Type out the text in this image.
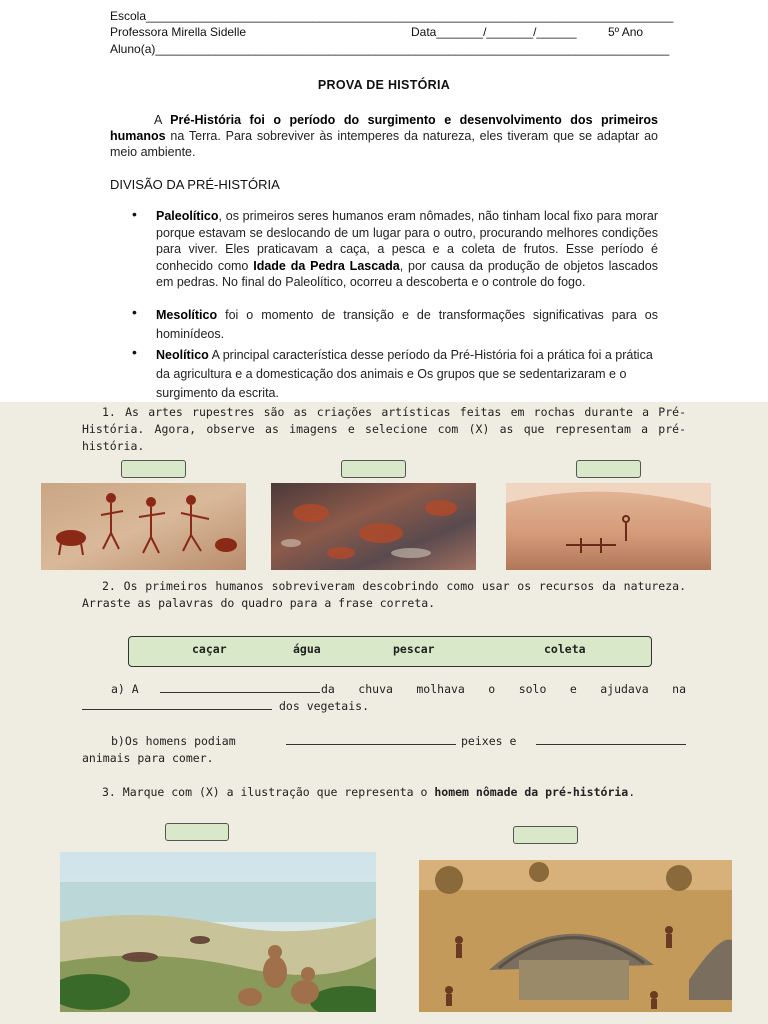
Escola_______________________________________________________________________________
Professora Mirella Sidelle	Data_______/_______/______	5º Ano
Aluno(a)_____________________________________________________________________________
PROVA DE HISTÓRIA
A Pré-História foi o período do surgimento e desenvolvimento dos primeiros humanos na Terra. Para sobreviver às intemperes da natureza, eles tiveram que se adaptar ao meio ambiente.
DIVISÃO DA PRÉ-HISTÓRIA
• Paleolítico, os primeiros seres humanos eram nômades, não tinham local fixo para morar porque estavam se deslocando de um lugar para o outro, procurando melhores condições para viver. Eles praticavam a caça, a pesca e a coleta de frutos. Esse período é conhecido como Idade da Pedra Lascada, por causa da produção de objetos lascados em pedras. No final do Paleolítico, ocorreu a descoberta e o controle do fogo.
• Mesolítico foi o momento de transição e de transformações significativas para os hominídeos.
• Neolítico A principal característica desse período da Pré-História foi a prática foi a prática da agricultura e a domesticação dos animais e Os grupos que se sedentarizaram e o surgimento da escrita.
1. As artes rupestres são as criações artísticas feitas em rochas durante a Pré-História. Agora, observe as imagens e selecione com (X) as que representam a pré-história.
2. Os primeiros humanos sobreviveram descobrindo como usar os recursos da natureza. Arraste as palavras do quadro para a frase correta.
caçar	água	pescar	coleta
a) A	da chuva molhava o solo e ajudava na
dos vegetais.
b)Os homens podiam	peixes e
animais para comer.
3. Marque com (X) a ilustração que representa o homem nômade da pré-história.
